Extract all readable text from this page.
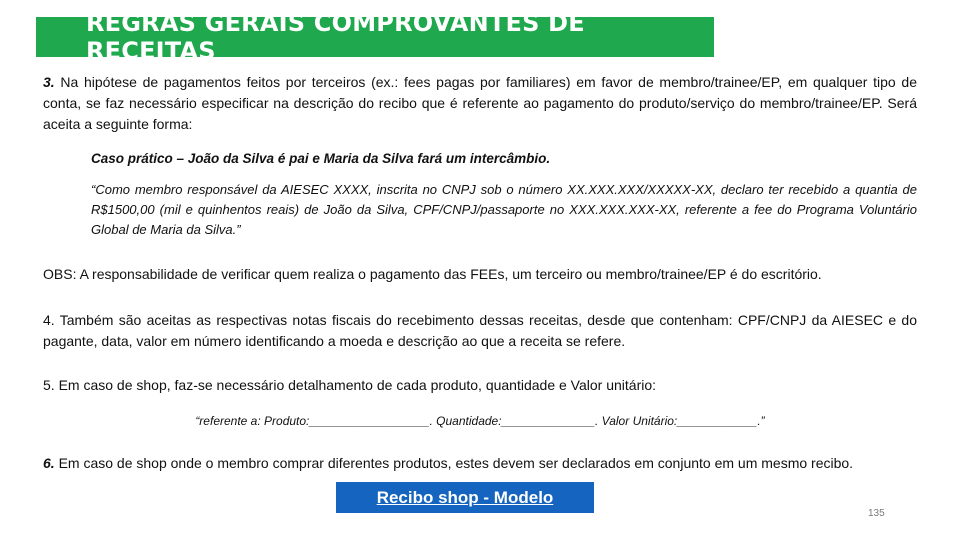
REGRAS GERAIS COMPROVANTES DE RECEITAS
3. Na hipótese de pagamentos feitos por terceiros (ex.: fees pagas por familiares) em favor de membro/trainee/EP, em qualquer tipo de conta, se faz necessário especificar na descrição do recibo que é referente ao pagamento do produto/serviço do membro/trainee/EP. Será aceita a seguinte forma:
Caso prático – João da Silva é pai e Maria da Silva fará um intercâmbio.
“Como membro responsável da AIESEC XXXX, inscrita no CNPJ sob o número XX.XXX.XXX/XXXXX-XX, declaro ter recebido a quantia de R$1500,00 (mil e quinhentos reais) de João da Silva, CPF/CNPJ/passaporte no XXX.XXX.XXX-XX, referente a fee do Programa Voluntário Global de Maria da Silva.”
OBS: A responsabilidade de verificar quem realiza o pagamento das FEEs, um terceiro ou membro/trainee/EP é do escritório.
4. Também são aceitas as respectivas notas fiscais do recebimento dessas receitas, desde que contenham: CPF/CNPJ da AIESEC e do pagante, data, valor em número identificando a moeda e descrição ao que a receita se refere.
5. Em caso de shop, faz-se necessário detalhamento de cada produto, quantidade e Valor unitário:
“referente a: Produto:__________________. Quantidade:______________. Valor Unitário:____________.”
6. Em caso de shop onde o membro comprar diferentes produtos, estes devem ser declarados em conjunto em um mesmo recibo.
Recibo shop - Modelo
135
